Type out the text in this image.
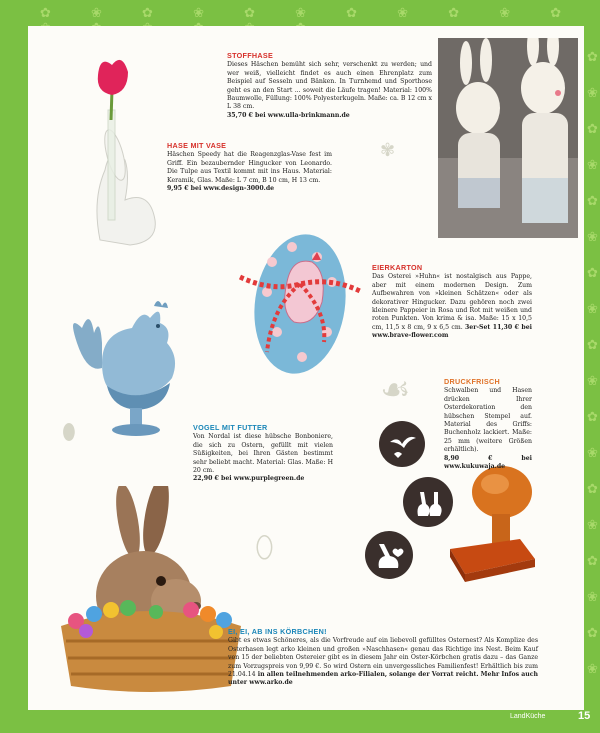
✿ ❀ ✿ ❀ ✿ ❀ ✿ ❀ ✿ ❀ ✿
✿
❀
✿
❀
✿
❀
✿
❀
✿
❀
✿
❀
✿
❀
✿
❀
✿
❀
☙
⬯
⬮
✾
STOFFHASE
Dieses Häschen bemüht sich sehr, verschenkt zu werden; und wer weiß, vielleicht findet es auch einen Ehrenplatz zum Beispiel auf Sesseln und Bänken. In Turnhemd und Sporthose geht es an den Start ... soweit die Läufe tragen! Material: 100% Baumwolle, Füllung: 100% Polyesterkugeln. Maße: ca. B 12 cm x L 38 cm.
35,70 € bei www.ulla-brinkmann.de
HASE MIT VASE
Häschen Speedy hat die Reagenzglas-Vase fest im Griff. Ein bezaubernder Hingucker von Leonardo. Die Tulpe aus Textil kommt mit ins Haus. Material: Keramik, Glas. Maße: L 7 cm, B 10 cm, H 13 cm.
9,95 € bei www.design-3000.de
EIERKARTON
Das Osterei »Huhn« ist nostalgisch aus Pappe, aber mit einem modernen Design. Zum Aufbewahren von »kleinen Schätzen« oder als dekorativer Hingucker. Dazu gehören noch zwei kleinere Pappeier in Rosa und Rot mit weißen und roten Punkten. Von krima & isa. Maße: 15 x 10,5 cm, 11,5 x 8 cm, 9 x 6,5 cm. 3er-Set 11,30 € bei www.brave-flower.com
DRUCKFRISCH
Schwalben und Hasen drücken Ihrer Osterdekoration den hübschen Stempel auf. Material des Griffs: Buchenholz lackiert. Maße: 25 mm (weitere Größen erhältlich).
8,90 € bei www.kukuwaja.de
VOGEL MIT FUTTER
Von Nordal ist diese hübsche Bonboniere, die sich zu Ostern, gefüllt mit vielen Süßigkeiten, bei Ihren Gästen bestimmt sehr beliebt macht. Material: Glas. Maße: H 20 cm.
22,90 € bei www.purplegreen.de
EI, EI, AB INS KÖRBCHEN!
Gibt es etwas Schöneres, als die Vorfreude auf ein liebevoll gefülltes Osternest? Als Komplize des Osterhasen legt arko kleinen und großen »Naschhasen« genau das Richtige ins Nest. Beim Kauf von 15 der beliebten Ostereier gibt es in diesem Jahr ein Oster-Körbchen gratis dazu – das Ganze zum Vorzugspreis von 9,99 €. So wird Ostern ein unvergessliches Familienfest! Erhältlich bis zum 21.04.14 in allen teilnehmenden arko-Filialen, solange der Vorrat reicht. Mehr Infos auch unter www.arko.de
LandKüche	15
